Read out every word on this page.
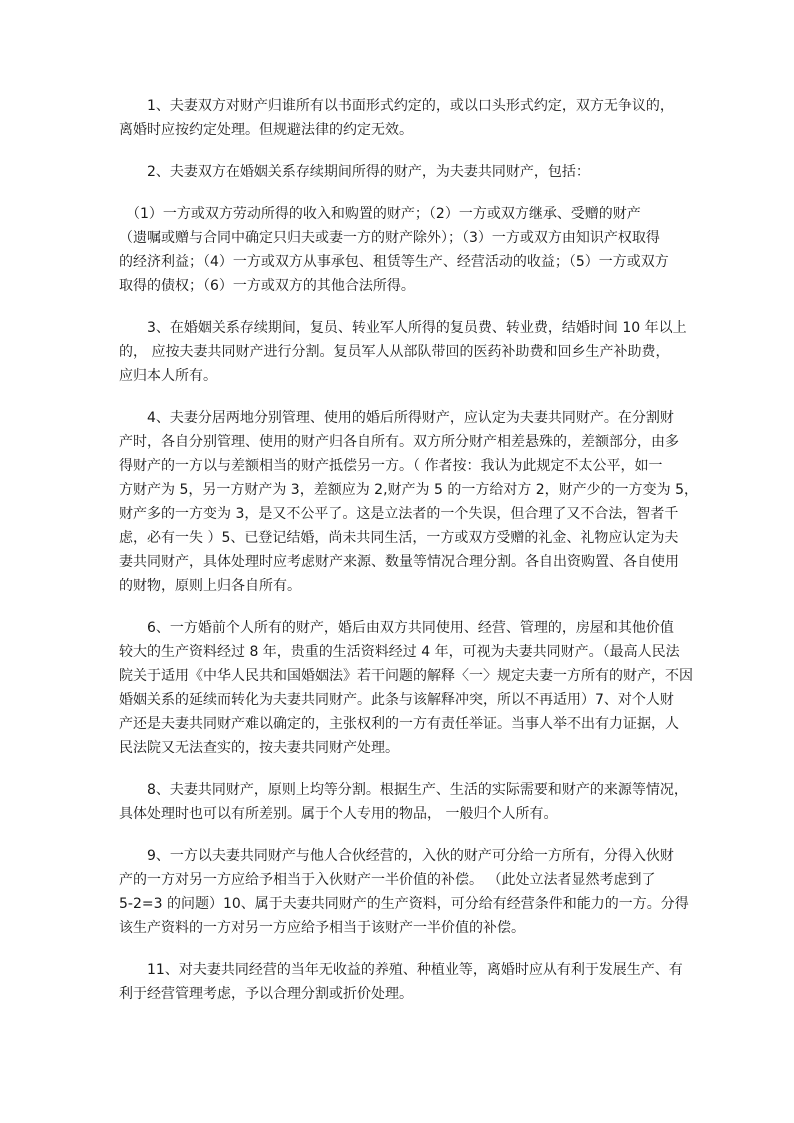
　　1、夫妻双方对财产归谁所有以书面形式约定的，或以口头形式约定，双方无争议的，
离婚时应按约定处理。但规避法律的约定无效。
　　2、夫妻双方在婚姻关系存续期间所得的财产，为夫妻共同财产，包括：
　（1）一方或双方劳动所得的收入和购置的财产；（2）一方或双方继承、受赠的财产
（遗嘱或赠与合同中确定只归夫或妻一方的财产除外）；（3）一方或双方由知识产权取得
的经济利益；（4）一方或双方从事承包、租赁等生产、经营活动的收益；（5）一方或双方
取得的债权；（6）一方或双方的其他合法所得。
　　3、在婚姻关系存续期间，复员、转业军人所得的复员费、转业费，结婚时间 10 年以上
的， 应按夫妻共同财产进行分割。复员军人从部队带回的医药补助费和回乡生产补助费，
应归本人所有。
　　4、夫妻分居两地分别管理、使用的婚后所得财产，应认定为夫妻共同财产。在分割财
产时，各自分别管理、使用的财产归各自所有。双方所分财产相差悬殊的，差额部分，由多
得财产的一方以与差额相当的财产抵偿另一方。（ 作者按：我认为此规定不太公平，如一
方财产为 5，另一方财产为 3，差额应为 2,财产为 5 的一方给对方 2，财产少的一方变为 5，
财产多的一方变为 3，是又不公平了。这是立法者的一个失误，但合理了又不合法，智者千
虑，必有一失 ）5、已登记结婚，尚未共同生活，一方或双方受赠的礼金、礼物应认定为夫
妻共同财产，具体处理时应考虑财产来源、数量等情况合理分割。各自出资购置、各自使用
的财物，原则上归各自所有。
　　6、一方婚前个人所有的财产，婚后由双方共同使用、经营、管理的，房屋和其他价值
较大的生产资料经过 8 年，贵重的生活资料经过 4 年，可视为夫妻共同财产。（最高人民法
院关于适用《中华人民共和国婚姻法》若干问题的解释〈一〉规定夫妻一方所有的财产，不因
婚姻关系的延续而转化为夫妻共同财产。此条与该解释冲突，所以不再适用）7、对个人财
产还是夫妻共同财产难以确定的，主张权利的一方有责任举证。当事人举不出有力证据，人
民法院又无法查实的，按夫妻共同财产处理。
　　8、夫妻共同财产，原则上均等分割。根据生产、生活的实际需要和财产的来源等情况，
具体处理时也可以有所差别。属于个人专用的物品， 一般归个人所有。
　　9、一方以夫妻共同财产与他人合伙经营的，入伙的财产可分给一方所有，分得入伙财
产的一方对另一方应给予相当于入伙财产一半价值的补偿。 （此处立法者显然考虑到了
5-2=3 的问题）10、属于夫妻共同财产的生产资料，可分给有经营条件和能力的一方。分得
该生产资料的一方对另一方应给予相当于该财产一半价值的补偿。
　　11、对夫妻共同经营的当年无收益的养殖、种植业等，离婚时应从有利于发展生产、有
利于经营管理考虑，予以合理分割或折价处理。
